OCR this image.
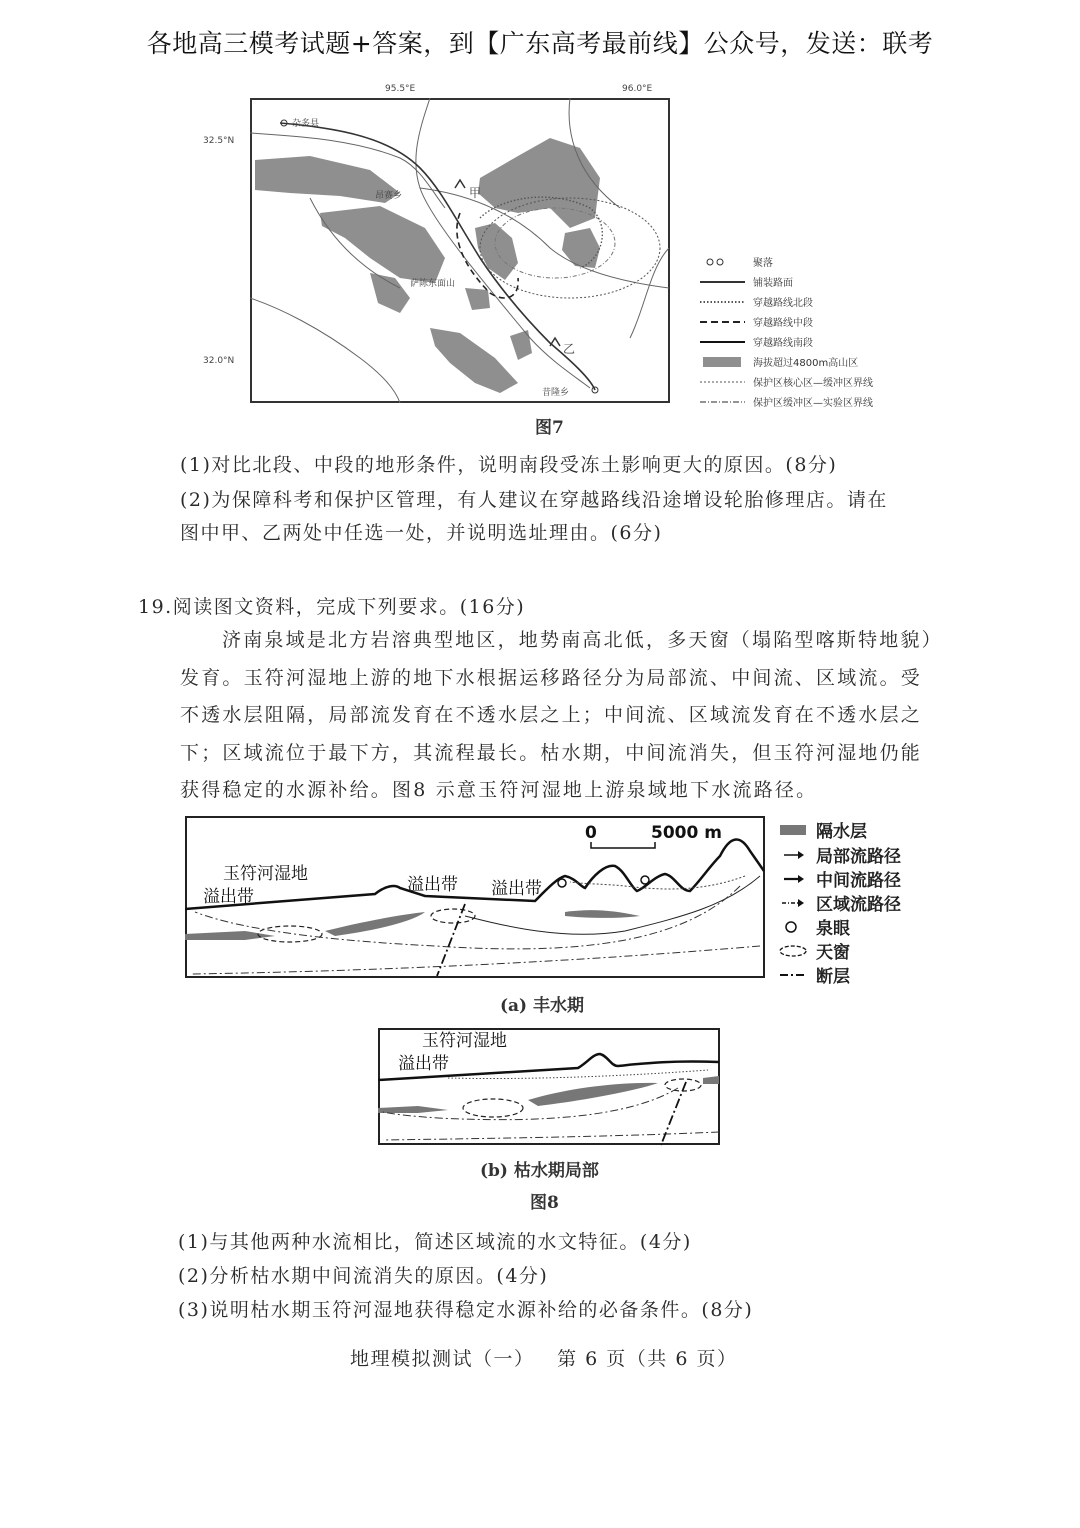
各地高三模考试题+答案，到【广东高考最前线】公众号，发送：联考
95.5°E	96.0°E
32.5°N
32.0°N
杂多县
昂赛乡	甲
萨陈东面山
乙
昔隆乡
聚落
铺装路面
穿越路线北段
穿越路线中段
穿越路线南段
海拔超过4800m高山区
保护区核心区—缓冲区界线
保护区缓冲区—实验区界线
图7
(1)对比北段、中段的地形条件，说明南段受冻土影响更大的原因。(8分)
(2)为保障科考和保护区管理，有人建议在穿越路线沿途增设轮胎修理店。请在
图中甲、乙两处中任选一处，并说明选址理由。(6分)
19.阅读图文资料，完成下列要求。(16分)
济南泉域是北方岩溶典型地区，地势南高北低，多天窗（塌陷型喀斯特地貌）
发育。玉符河湿地上游的地下水根据运移路径分为局部流、中间流、区域流。受
不透水层阻隔，局部流发育在不透水层之上；中间流、区域流发育在不透水层之
下；区域流位于最下方，其流程最长。枯水期，中间流消失，但玉符河湿地仍能
获得稳定的水源补给。图8 示意玉符河湿地上游泉域地下水流路径。
0	5000 m
玉符河湿地
溢出带
溢出带 溢出带
(a) 丰水期
隔水层
局部流路径
中间流路径
区域流路径
泉眼
天窗
断层
玉符河湿地
溢出带
(b) 枯水期局部
图8
(1)与其他两种水流相比，简述区域流的水文特征。(4分)
(2)分析枯水期中间流消失的原因。(4分)
(3)说明枯水期玉符河湿地获得稳定水源补给的必备条件。(8分)
地理模拟测试（一）   第 6 页（共 6 页）
